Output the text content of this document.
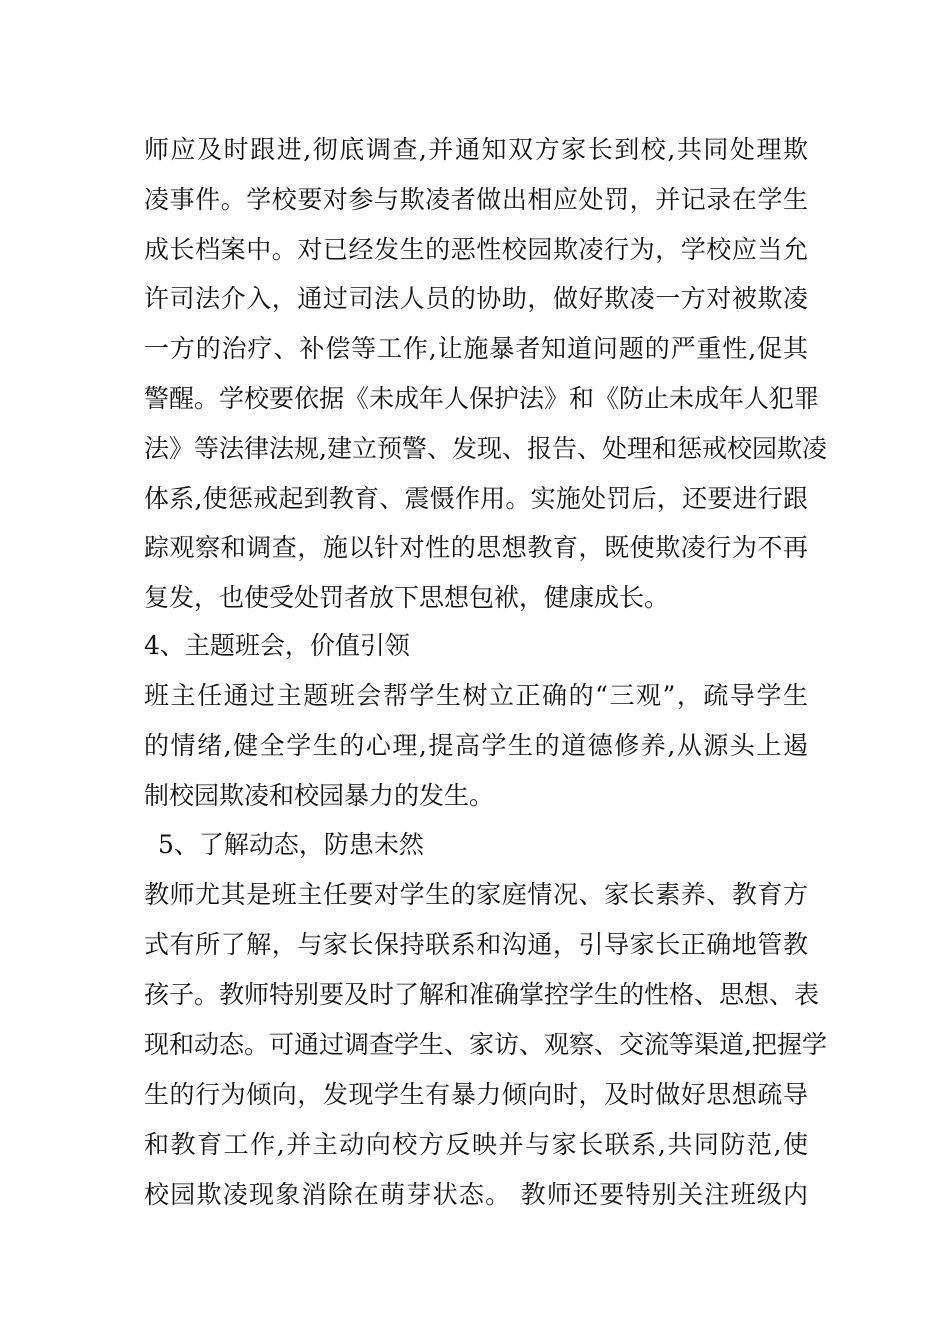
师应及时跟进,彻底调查,并通知双方家长到校,共同处理欺
凌事件。学校要对参与欺凌者做出相应处罚，并记录在学生
成长档案中。对已经发生的恶性校园欺凌行为，学校应当允
许司法介入，通过司法人员的协助，做好欺凌一方对被欺凌
一方的治疗、补偿等工作,让施暴者知道问题的严重性,促其
警醒。学校要依据《未成年人保护法》和《防止未成年人犯罪
法》等法律法规,建立预警、发现、报告、处理和惩戒校园欺凌
体系,使惩戒起到教育、震慑作用。实施处罚后，还要进行跟
踪观察和调查，施以针对性的思想教育，既使欺凌行为不再
复发，也使受处罚者放下思想包袱，健康成长。
4、主题班会，价值引领
班主任通过主题班会帮学生树立正确的“三观”，疏导学生
的情绪,健全学生的心理,提高学生的道德修养,从源头上遏
制校园欺凌和校园暴力的发生。
5、了解动态，防患未然
教师尤其是班主任要对学生的家庭情况、家长素养、教育方
式有所了解，与家长保持联系和沟通，引导家长正确地管教
孩子。教师特别要及时了解和准确掌控学生的性格、思想、表
现和动态。可通过调查学生、家访、观察、交流等渠道,把握学
生的行为倾向，发现学生有暴力倾向时，及时做好思想疏导
和教育工作,并主动向校方反映并与家长联系,共同防范,使
校园欺凌现象消除在萌芽状态。 教师还要特别关注班级内
